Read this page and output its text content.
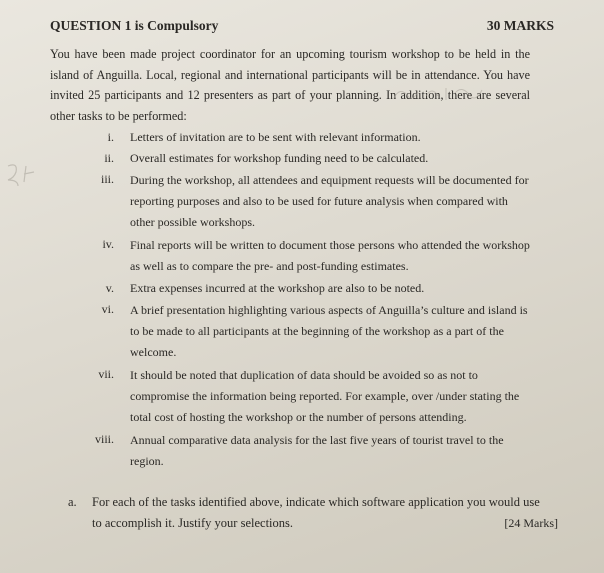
QUESTION 1 is Compulsory	30 MARKS
You have been made project coordinator for an upcoming tourism workshop to be held in the island of Anguilla. Local, regional and international participants will be in attendance. You have invited 25 participants and 12 presenters as part of your planning. In addition, there are several other tasks to be performed:
i.	Letters of invitation are to be sent with relevant information.
ii.	Overall estimates for workshop funding need to be calculated.
iii.	During the workshop, all attendees and equipment requests will be documented for reporting purposes and also to be used for future analysis when compared with other possible workshops.
iv.	Final reports will be written to document those persons who attended the workshop as well as to compare the pre- and post-funding estimates.
v.	Extra expenses incurred at the workshop are also to be noted.
vi.	A brief presentation highlighting various aspects of Anguilla’s culture and island is to be made to all participants at the beginning of the workshop as a part of the welcome.
vii.	It should be noted that duplication of data should be avoided so as not to compromise the information being reported. For example, over /under stating the total cost of hosting the workshop or the number of persons attending.
viii.	Annual comparative data analysis for the last five years of tourist travel to the region.
a.	For each of the tasks identified above, indicate which software application you would use
to accomplish it. Justify your selections.	[24 Marks]
